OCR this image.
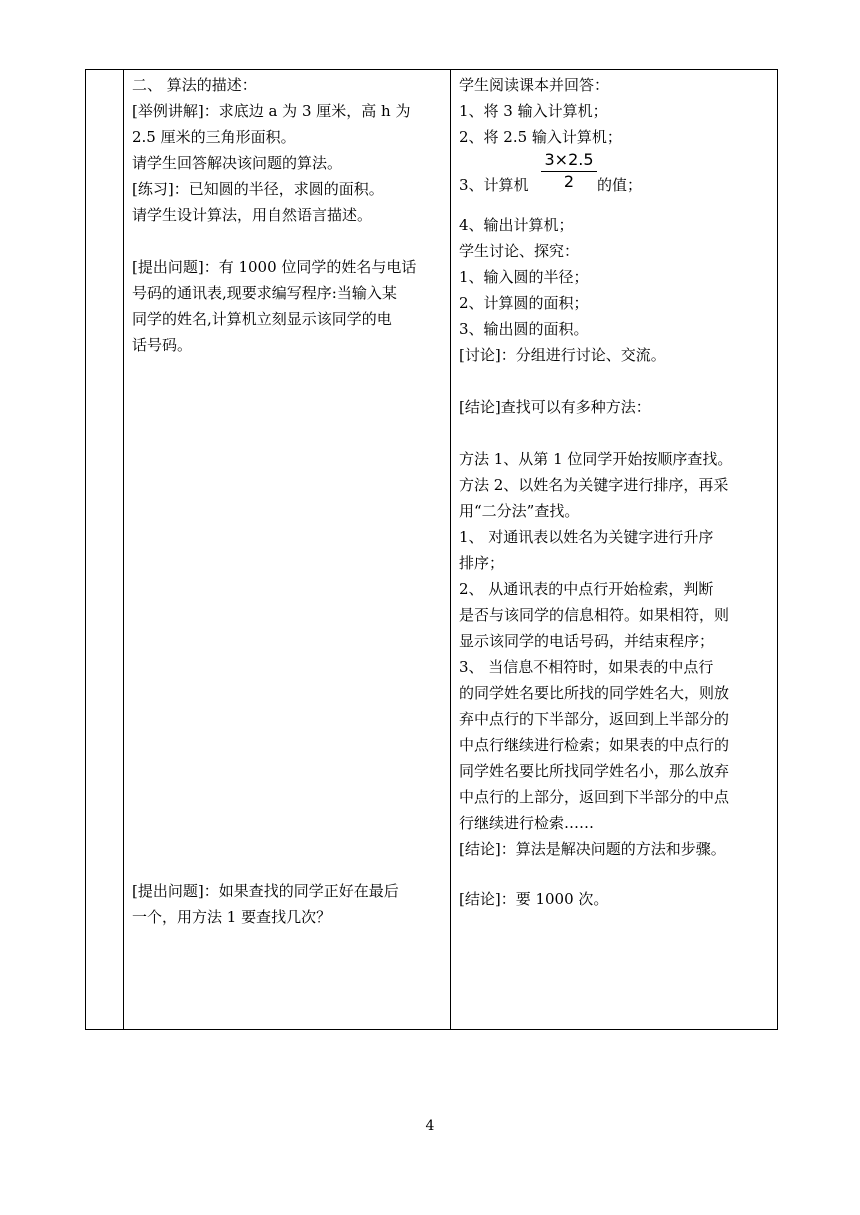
二、 算法的描述：

[举例讲解]：求底边 a 为 3 厘米，高 h 为

2.5 厘米的三角形面积。

请学生回答解决该问题的算法。

[练习]：已知圆的半径，求圆的面积。

请学生设计算法，用自然语言描述。

[提出问题]：有 1000 位同学的姓名与电话

号码的通讯表,现要求编写程序:当输入某

同学的姓名,计算机立刻显示该同学的电

话号码。

[提出问题]：如果查找的同学正好在最后

一个，用方法 1 要查找几次？

学生阅读课本并回答：

1、将 3 输入计算机；

2、将 2.5 输入计算机；

3、计算机 $\frac{3\times 2.5}{2}$ 的值；

4、输出计算机；

学生讨论、探究：

1、输入圆的半径；

2、计算圆的面积；

3、输出圆的面积。

[讨论]：分组进行讨论、交流。

[结论]查找可以有多种方法：

方法 1、从第 1 位同学开始按顺序查找。

方法 2、以姓名为关键字进行排序，再采

用“二分法”查找。

1、 对通讯表以姓名为关键字进行升序

排序；

2、 从通讯表的中点行开始检索，判断

是否与该同学的信息相符。如果相符，则

显示该同学的电话号码，并结束程序；

3、 当信息不相符时，如果表的中点行

的同学姓名要比所找的同学姓名大，则放

弃中点行的下半部分，返回到上半部分的

中点行继续进行检索；如果表的中点行的

同学姓名要比所找同学姓名小，那么放弃

中点行的上部分，返回到下半部分的中点

行继续进行检索……

[结论]：算法是解决问题的方法和步骤。

[结论]：要 1000 次。

4
